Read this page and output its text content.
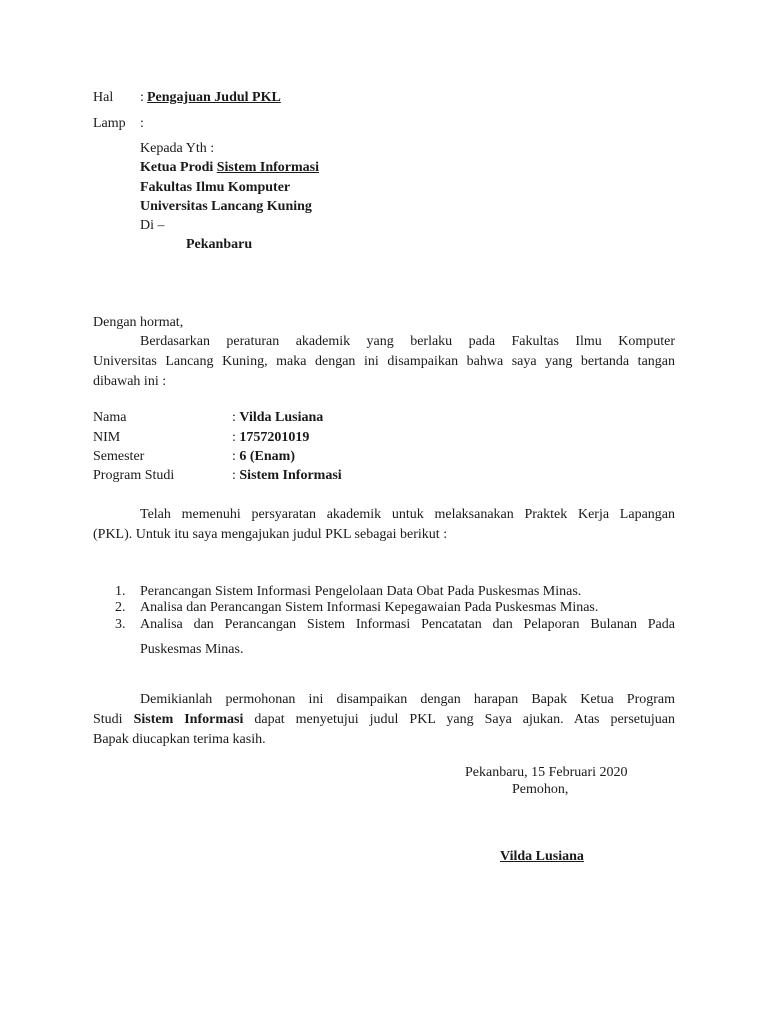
Hal : Pengajuan Judul PKL
Lamp :
Kepada Yth :
Ketua Prodi Sistem Informasi
Fakultas Ilmu Komputer
Universitas Lancang Kuning
Di –
Pekanbaru
Dengan hormat,
Berdasarkan peraturan akademik yang berlaku pada Fakultas Ilmu Komputer
Universitas Lancang Kuning, maka dengan ini disampaikan bahwa saya yang bertanda tangan
dibawah ini :
Nama	: Vilda Lusiana
NIM	: 1757201019
Semester	: 6 (Enam)
Program Studi	: Sistem Informasi
Telah memenuhi persyaratan akademik untuk melaksanakan Praktek Kerja Lapangan
(PKL). Untuk itu saya mengajukan judul PKL sebagai berikut :
1. Perancangan Sistem Informasi Pengelolaan Data Obat Pada Puskesmas Minas.
2. Analisa dan Perancangan Sistem Informasi Kepegawaian Pada Puskesmas Minas.
3. Analisa dan Perancangan Sistem Informasi Pencatatan dan Pelaporan Bulanan Pada
Puskesmas Minas.
Demikianlah permohonan ini disampaikan dengan harapan Bapak Ketua Program
Studi Sistem Informasi dapat menyetujui judul PKL yang Saya ajukan. Atas persetujuan
Bapak diucapkan terima kasih.
Pekanbaru, 15 Februari 2020
Pemohon,
Vilda Lusiana
